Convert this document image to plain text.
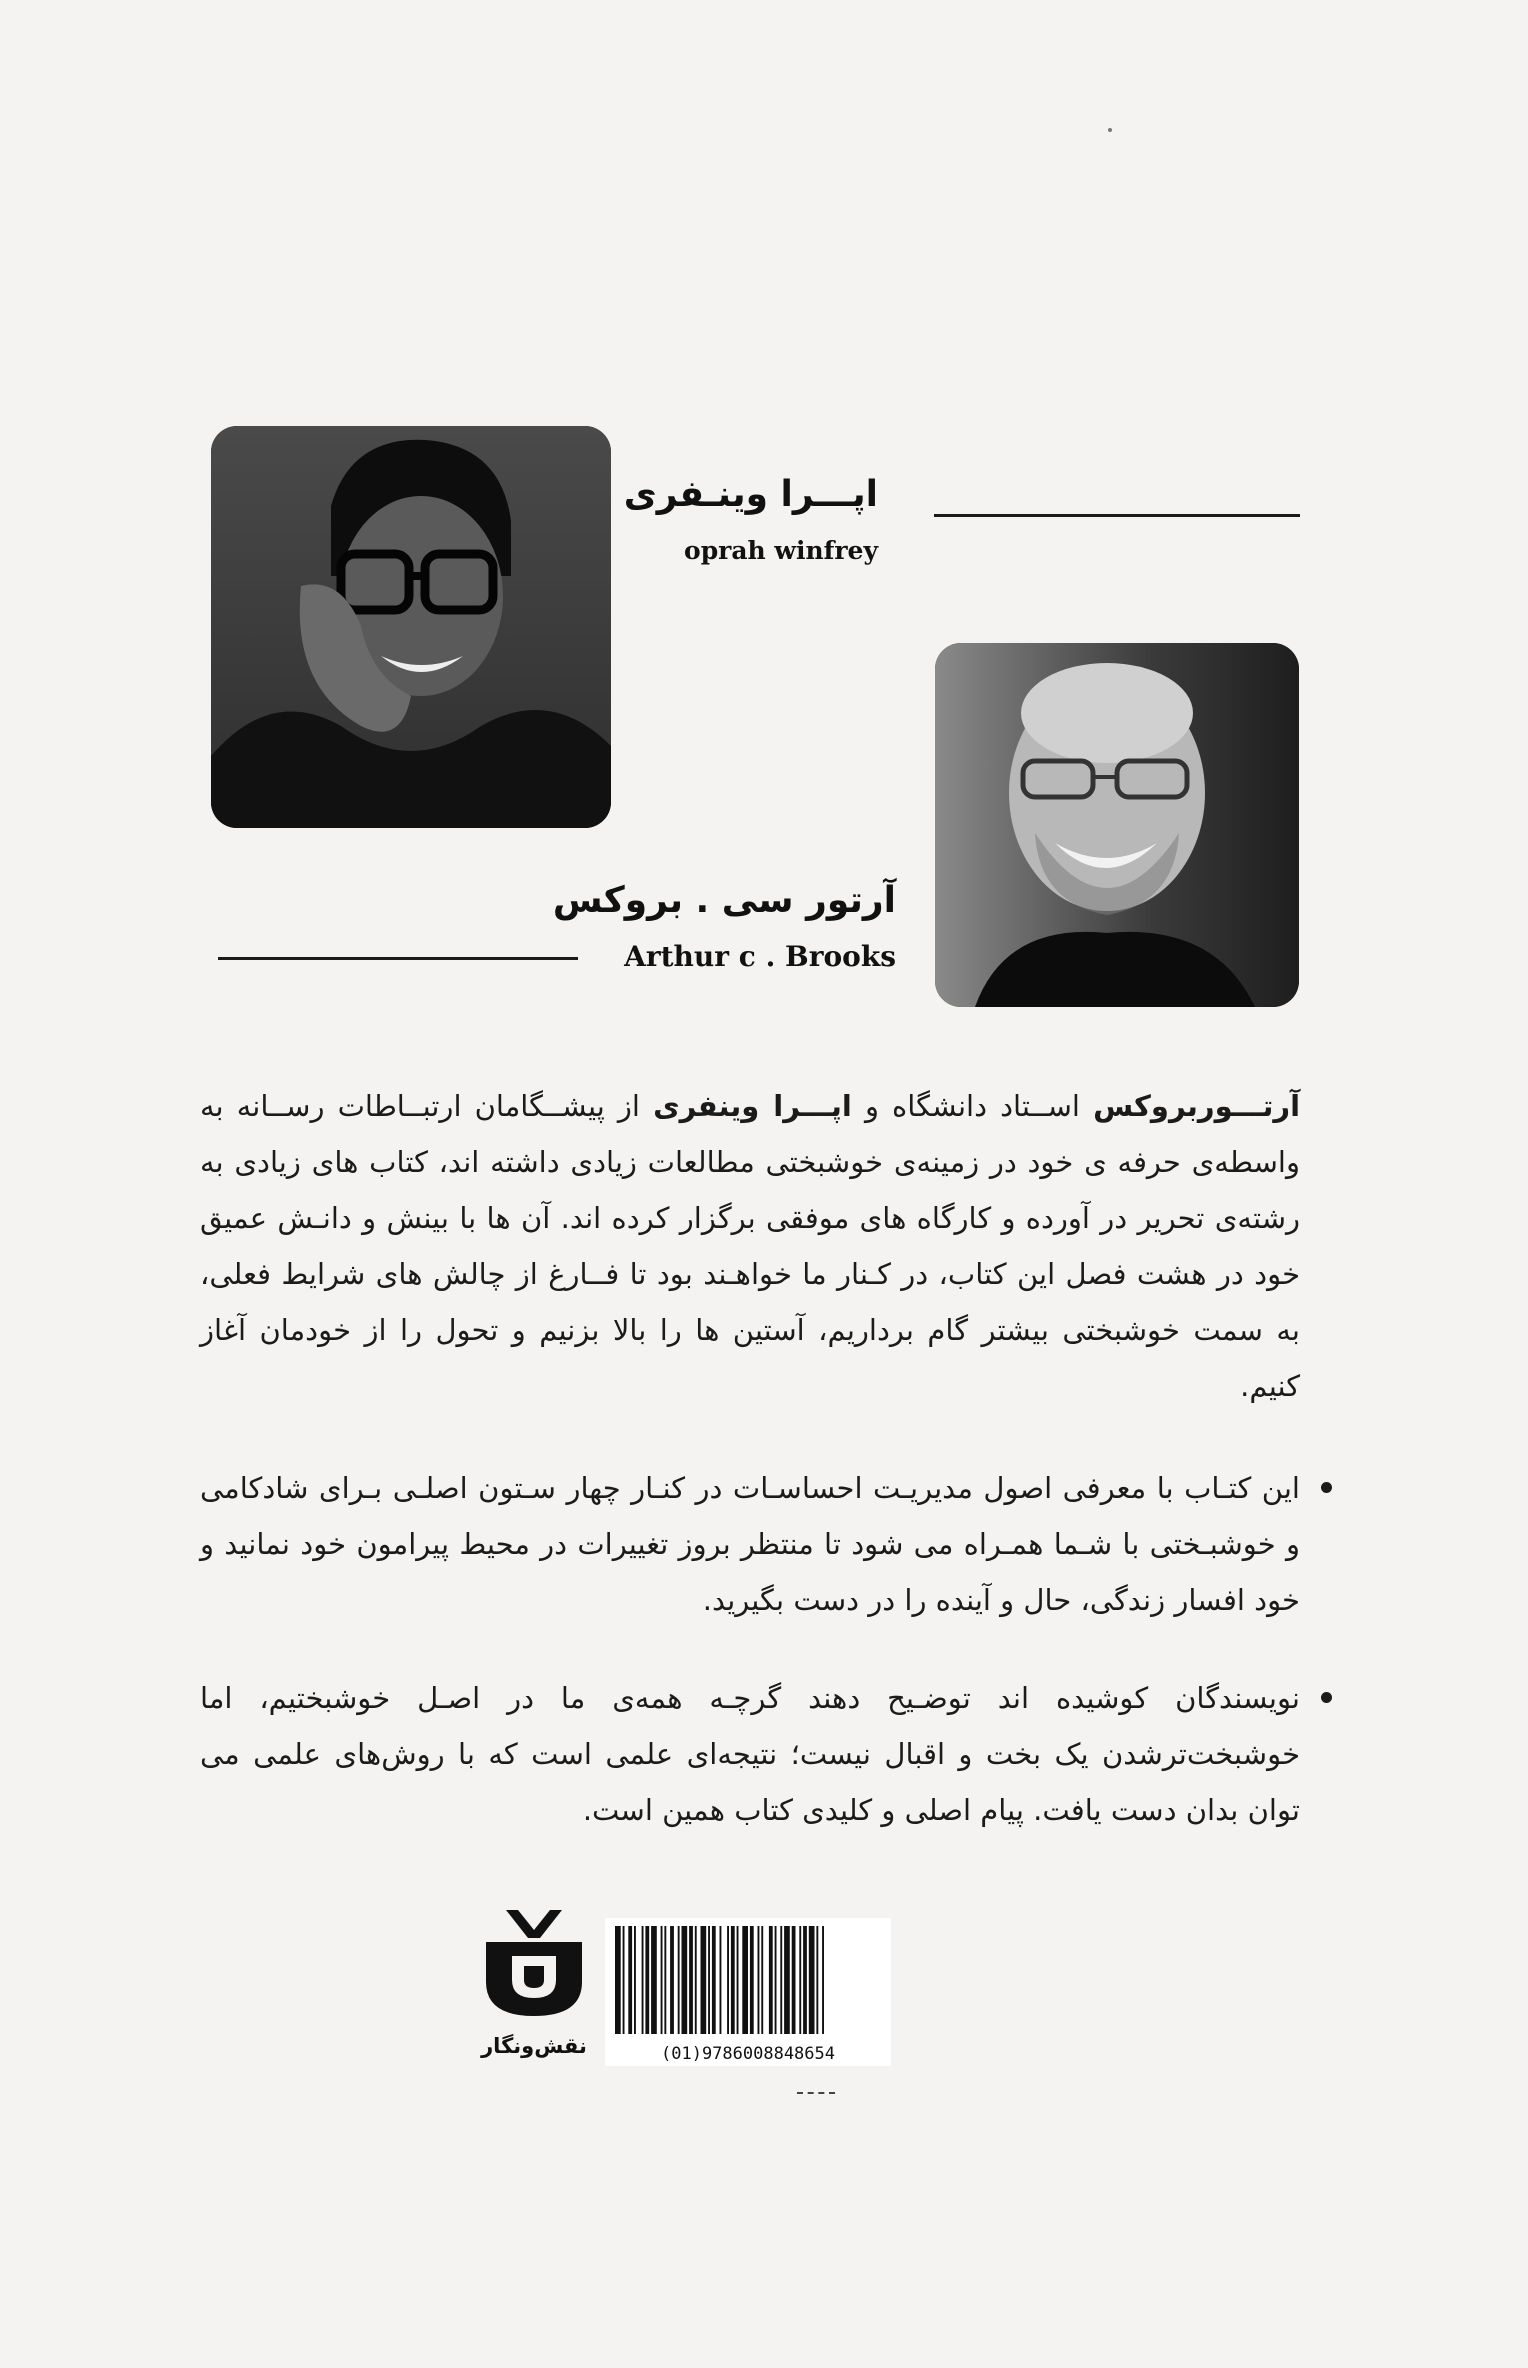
اپـــرا وینـفری
oprah winfrey
آرتور سی . بروکس
Arthur c . Brooks
آرتـــوربروکس اســتاد دانشگاه و اپـــرا وینفری از پیشــگامان ارتبــاطات رســانه به واسطه‌ی حرفه ی خود در زمینه‌ی خوشبختی مطالعات زیادی داشته اند، کتاب های زیادی به رشته‌ی تحریر در آورده و کارگاه های موفقی برگزار کرده اند. آن ها با بینش و دانـش عمیق خود در هشت فصل این کتاب، در کـنار ما خواهـند بود تا فــارغ از چالش های شرایط فعلی، به سمت خوشبختی بیشتر گام برداریم، آستین ها را بالا بزنیم و تحول را از خودمان آغاز کنیم.

این کتـاب با معرفی اصول مدیریـت احساسـات در کنـار چهار سـتون اصلـی بـرای شادکامی و خوشبـختی با شـما همـراه می شود تا منتظر بروز تغییرات در محیط پیرامون خود نمانید و خود افسار زندگی، حال و آینده را در دست بگیرید.

نویسندگان کوشیده اند توضـیح دهند گرچـه همه‌ی ما در اصـل خوشبختیم، اما خوشبخت‌ترشدن یک بخت و اقبال نیست؛ نتیجه‌ای علمی است که با روش‌های علمی می توان بدان دست یافت. پیام اصلی و کلیدی کتاب همین است.

نقش‌ونگار	(01)9786008848654
